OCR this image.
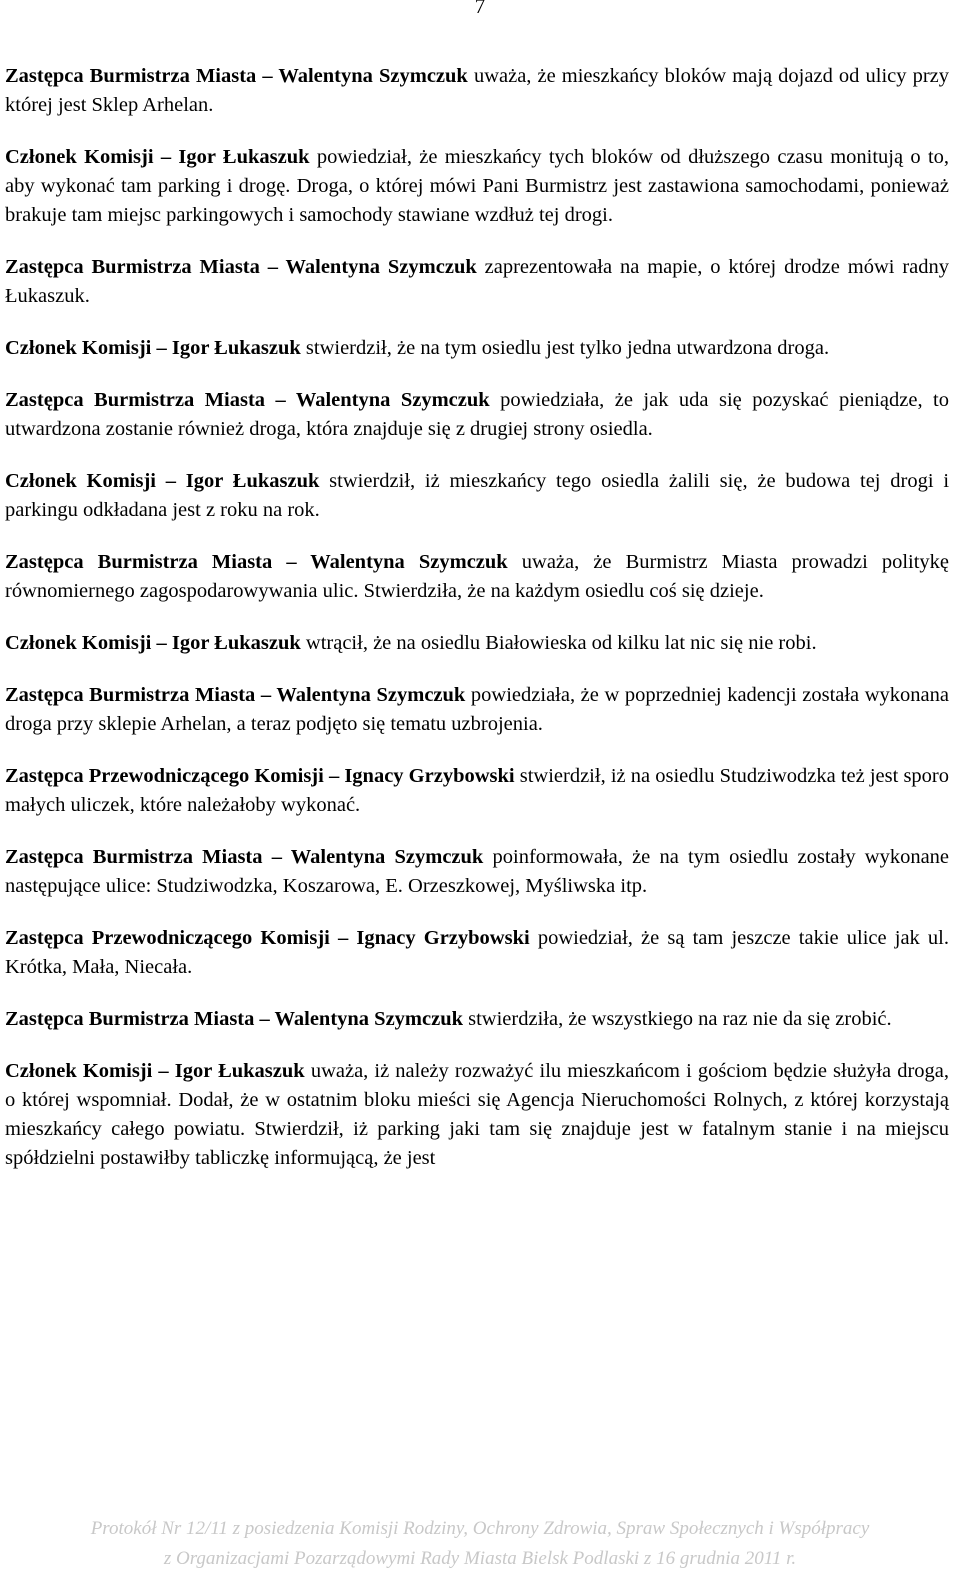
7

Zastępca Burmistrza Miasta – Walentyna Szymczuk uważa, że mieszkańcy bloków mają dojazd od ulicy przy której jest Sklep Arhelan.

Członek Komisji – Igor Łukaszuk powiedział, że mieszkańcy tych bloków od dłuższego czasu monitują o to, aby wykonać tam parking i drogę. Droga, o której mówi Pani Burmistrz jest zastawiona samochodami, ponieważ brakuje tam miejsc parkingowych i samochody stawiane wzdłuż tej drogi.

Zastępca Burmistrza Miasta – Walentyna Szymczuk zaprezentowała na mapie, o której drodze mówi radny Łukaszuk.

Członek Komisji – Igor Łukaszuk stwierdził, że na tym osiedlu jest tylko jedna utwardzona droga.

Zastępca Burmistrza Miasta – Walentyna Szymczuk powiedziała, że jak uda się pozyskać pieniądze, to utwardzona zostanie również droga, która znajduje się z drugiej strony osiedla.

Członek Komisji – Igor Łukaszuk stwierdził, iż mieszkańcy tego osiedla żalili się, że budowa tej drogi i parkingu odkładana jest z roku na rok.

Zastępca Burmistrza Miasta – Walentyna Szymczuk uważa, że Burmistrz Miasta prowadzi politykę równomiernego zagospodarowywania ulic. Stwierdziła, że na każdym osiedlu coś się dzieje.

Członek Komisji – Igor Łukaszuk wtrącił, że na osiedlu Białowieska od kilku lat nic się nie robi.

Zastępca Burmistrza Miasta – Walentyna Szymczuk powiedziała, że w poprzedniej kadencji została wykonana droga przy sklepie Arhelan, a teraz podjęto się tematu uzbrojenia.

Zastępca Przewodniczącego Komisji – Ignacy Grzybowski stwierdził, iż na osiedlu Studziwodzka też jest sporo małych uliczek, które należałoby wykonać.

Zastępca Burmistrza Miasta – Walentyna Szymczuk poinformowała, że na tym osiedlu zostały wykonane następujące ulice: Studziwodzka, Koszarowa, E. Orzeszkowej, Myśliwska itp.

Zastępca Przewodniczącego Komisji – Ignacy Grzybowski powiedział, że są tam jeszcze takie ulice jak ul. Krótka, Mała, Niecała.

Zastępca Burmistrza Miasta – Walentyna Szymczuk stwierdziła, że wszystkiego na raz nie da się zrobić.

Członek Komisji – Igor Łukaszuk uważa, iż należy rozważyć ilu mieszkańcom i gościom będzie służyła droga, o której wspomniał. Dodał, że w ostatnim bloku mieści się Agencja Nieruchomości Rolnych, z której korzystają mieszkańcy całego powiatu. Stwierdził, iż parking jaki tam się znajduje jest w fatalnym stanie i na miejscu spółdzielni postawiłby tabliczkę informującą, że jest

Protokół Nr 12/11 z posiedzenia Komisji Rodziny, Ochrony Zdrowia, Spraw Społecznych i Współpracy
z Organizacjami Pozarządowymi Rady Miasta Bielsk Podlaski z 16 grudnia 2011 r.
